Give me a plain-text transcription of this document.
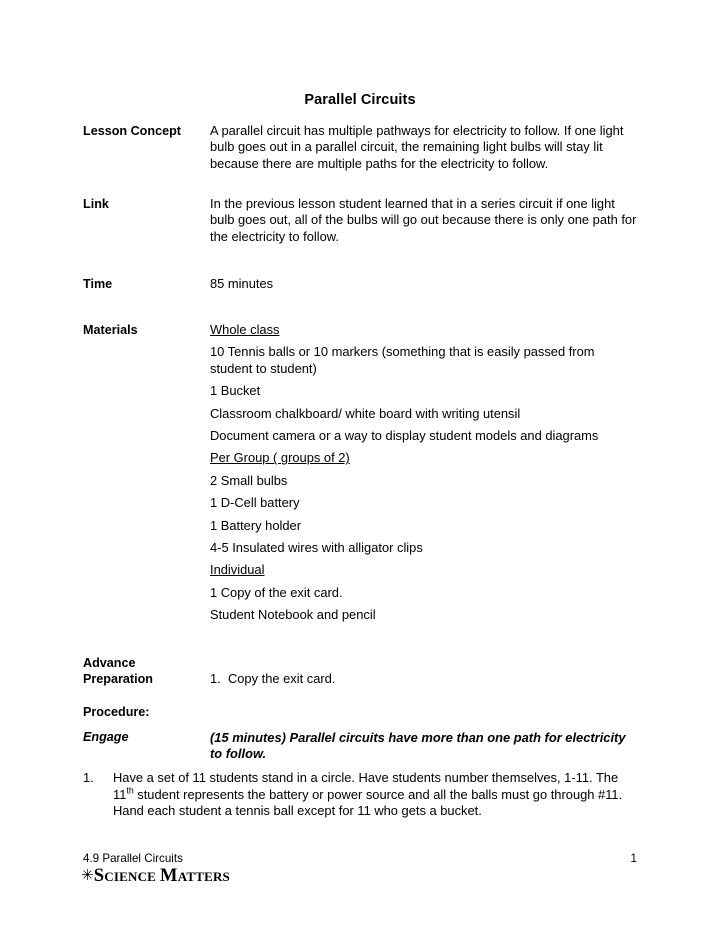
Parallel Circuits
Lesson Concept	A parallel circuit has multiple pathways for electricity to follow. If one light bulb goes out in a parallel circuit, the remaining light bulbs will stay lit because there are multiple paths for the electricity to follow.

Link	In the previous lesson student learned that in a series circuit if one light bulb goes out, all of the bulbs will go out because there is only one path for the electricity to follow.

Time	85 minutes

Materials	Whole class
10 Tennis balls or 10 markers (something that is easily passed from student to student)
1 Bucket
Classroom chalkboard/ white board with writing utensil
Document camera or a way to display student models and diagrams
Per Group ( groups of 2)
2 Small bulbs
1 D-Cell battery
1 Battery holder
4-5 Insulated wires with alligator clips
Individual
1 Copy of the exit card.
Student Notebook and pencil
Advance
Preparation	1. Copy the exit card.

Procedure:
Engage	(15 minutes) Parallel circuits have more than one path for electricity to follow.
1.	Have a set of 11 students stand in a circle. Have students number themselves, 1-11. The 11th student represents the battery or power source and all the balls must go through #11. Hand each student a tennis ball except for 11 who gets a bucket.
4.9 Parallel Circuits	1
✳Science Matters
